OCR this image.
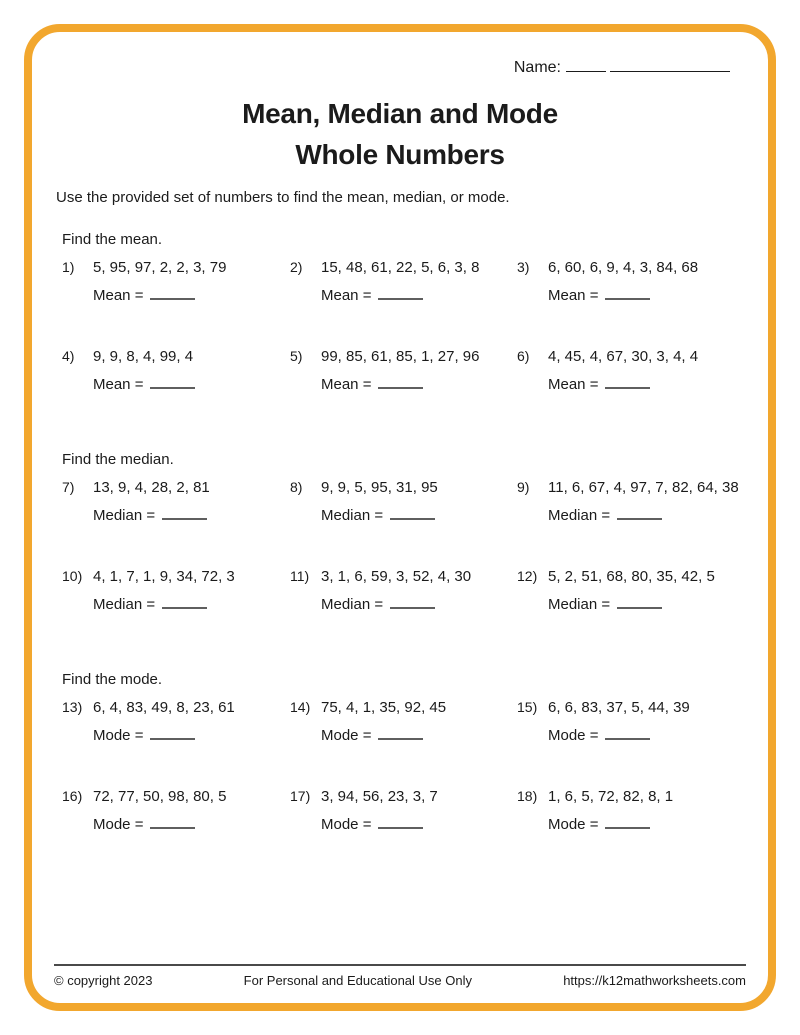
Name:
Mean, Median and Mode
Whole Numbers
Use the provided set of numbers to find the mean, median, or mode.
Find the mean.
1) 5, 95, 97, 2, 2, 3, 79
Mean =
2) 15, 48, 61, 22, 5, 6, 3, 8
Mean =
3) 6, 60, 6, 9, 4, 3, 84, 68
Mean =
4) 9, 9, 8, 4, 99, 4
Mean =
5) 99, 85, 61, 85, 1, 27, 96
Mean =
6) 4, 45, 4, 67, 30, 3, 4, 4
Mean =
Find the median.
7) 13, 9, 4, 28, 2, 81
Median =
8) 9, 9, 5, 95, 31, 95
Median =
9) 11, 6, 67, 4, 97, 7, 82, 64, 38
Median =
10) 4, 1, 7, 1, 9, 34, 72, 3
Median =
11) 3, 1, 6, 59, 3, 52, 4, 30
Median =
12) 5, 2, 51, 68, 80, 35, 42, 5
Median =
Find the mode.
13) 6, 4, 83, 49, 8, 23, 61
Mode =
14) 75, 4, 1, 35, 92, 45
Mode =
15) 6, 6, 83, 37, 5, 44, 39
Mode =
16) 72, 77, 50, 98, 80, 5
Mode =
17) 3, 94, 56, 23, 3, 7
Mode =
18) 1, 6, 5, 72, 82, 8, 1
Mode =
© copyright 2023	For Personal and Educational Use Only	https://k12mathworksheets.com
